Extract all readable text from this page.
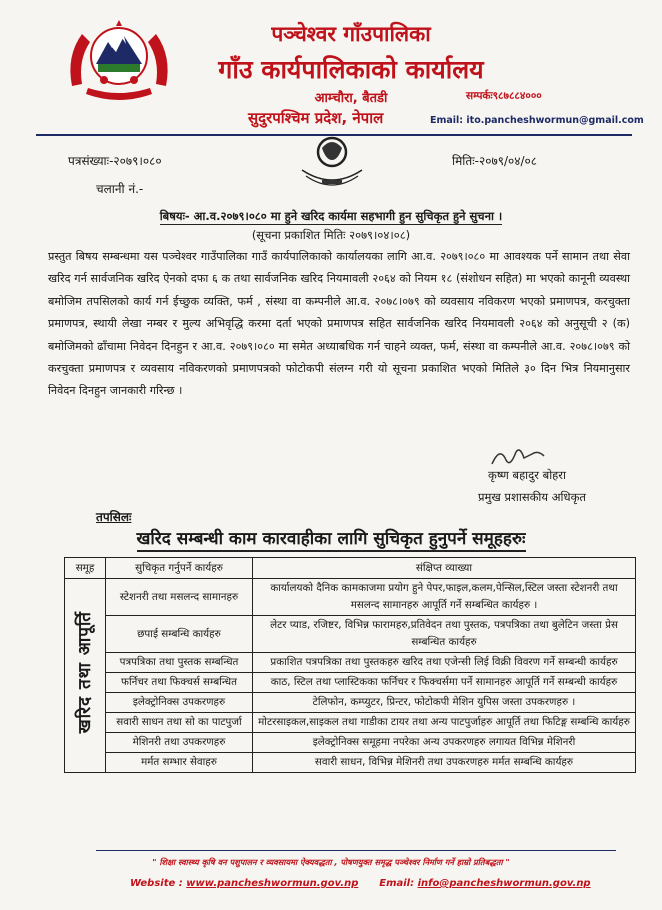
पञ्चेश्वर गाँउपालिका
गाँउ कार्यपालिकाको कार्यालय
आम्चौरा, बैतडी	सम्पर्कः९८७८८४०००
सुदुरपश्चिम प्रदेश, नेपाल	Email: ito.pancheshwormun@gmail.com
पत्रसंख्याः-२०७९।०८०	मितिः-२०७९/०४/०८
चलानी नं.-
बिषयः- आ.व.२०७९।०८० मा हुने खरिद कार्यमा सहभागी हुन सुचिकृत हुने सुचना ।
(सूचना प्रकाशित मितिः २०७९।०४।०८)
प्रस्तुत बिषय सम्बन्धमा यस पञ्चेश्वर गाउँपालिका गाउँ कार्यपालिकाको कार्यालयका लागि आ.व. २०७९।०८० मा आवश्यक पर्ने सामान तथा सेवा खरिद गर्न सार्वजनिक खरिद ऐनको दफा ६ क तथा सार्वजनिक खरिद नियमावली २०६४ को नियम १८ (संशोधन सहित) मा भएको कानूनी व्यवस्था बमोजिम तपसिलको कार्य गर्न ईच्छुक व्यक्ति, फर्म , संस्था वा कम्पनीले आ.व. २०७८।०७९ को व्यवसाय नविकरण भएको प्रमाणपत्र, करचुक्ता प्रमाणपत्र, स्थायी लेखा नम्बर र मुल्य अभिवृद्धि करमा दर्ता भएको प्रमाणपत्र सहित सार्वजनिक खरिद नियमावली २०६४ को अनुसूची २ (क) बमोजिमको ढाँचामा निवेदन दिनहुन र आ.व. २०७९।०८० मा समेत अध्याबधिक गर्न चाहने व्यक्त, फर्म, संस्था वा कम्पनीले आ.व. २०७८।०७९ को करचुक्ता प्रमाणपत्र र व्यवसाय नविकरणको प्रमाणपत्रको फोटोकपी संलग्न गरी यो सूचना प्रकाशित भएको मितिले ३० दिन भित्र नियमानुसार निवेदन दिनहुन जानकारी गरिन्छ ।
कृष्ण बहादुर बोहरा
प्रमुख प्रशासकीय अधिकृत
तपसिलः
खरिद सम्बन्धी काम कारवाहीका लागि सुचिकृत हुनुपर्ने समूहहरुः
समूह	सुचिकृत गर्नुपर्ने कार्यहरु	संक्षिप्त व्याख्या
खरिद तथा आपूर्ति	स्टेशनरी तथा मसलन्द सामानहरु	कार्यालयको दैनिक कामकाजमा प्रयोग हुने पेपर,फाइल,कलम,पेन्सिल,स्टिल जस्ता स्टेशनरी तथा मसलन्द सामानहरु आपूर्ति गर्ने सम्बन्धित कार्यहरु ।
	छपाई सम्बन्धि कार्यहरु	लेटर प्याड, रजिष्टर, विभिन्न फारामहरु,प्रतिवेदन तथा पुस्तक, पत्रपत्रिका तथा बुलेटिन जस्ता प्रेस सम्बन्धित कार्यहरु
	पत्रपत्रिका तथा पुस्तक सम्बन्धित	प्रकाशित पत्रपत्रिका तथा पुस्तकहरु खरिद तथा एजेन्सी लिई विक्री विवरण गर्ने सम्बन्धी कार्यहरु
	फर्निचर तथा फिक्चर्स सम्बन्धित	काठ, स्टिल तथा प्लास्टिकका फर्निचर र फिक्चर्समा पर्ने सामानहरु आपूर्ति गर्ने सम्बन्धी कार्यहरु
	इलेक्ट्रोनिक्स उपकरणहरु	टेलिफोन, कम्प्युटर, प्रिन्टर, फोटोकपी मेशिन युपिस जस्ता उपकरणहरु ।
	सवारी साधन तथा सो का पाटपुर्जा	मोटरसाइकल,साइकल तथा गाडीका टायर तथा अन्य पाटपुर्जाहरु आपूर्ति तथा फिटिङ्ग सम्बन्धि कार्यहरु
	मेशिनरी तथा उपकरणहरु	इलेक्ट्रोनिक्स समूहमा नपरेका अन्य उपकरणहरु लगायत विभिन्न मेशिनरी
	मर्मत सम्भार सेवाहरु	सवारी साधन, विभिन्न मेशिनरी तथा उपकरणहरु मर्मत सम्बन्धि कार्यहरु
" शिक्षा स्वास्थ्य कृषि वन पशुपालन र व्यवसायमा ऐक्यवद्धता , पोषणयुक्त समृद्ध पञ्चेश्वर निर्माण गर्ने हाम्रो प्रतिबद्धता "
Website : www.pancheshwormun.gov.np Email: info@pancheshwormun.gov.np
